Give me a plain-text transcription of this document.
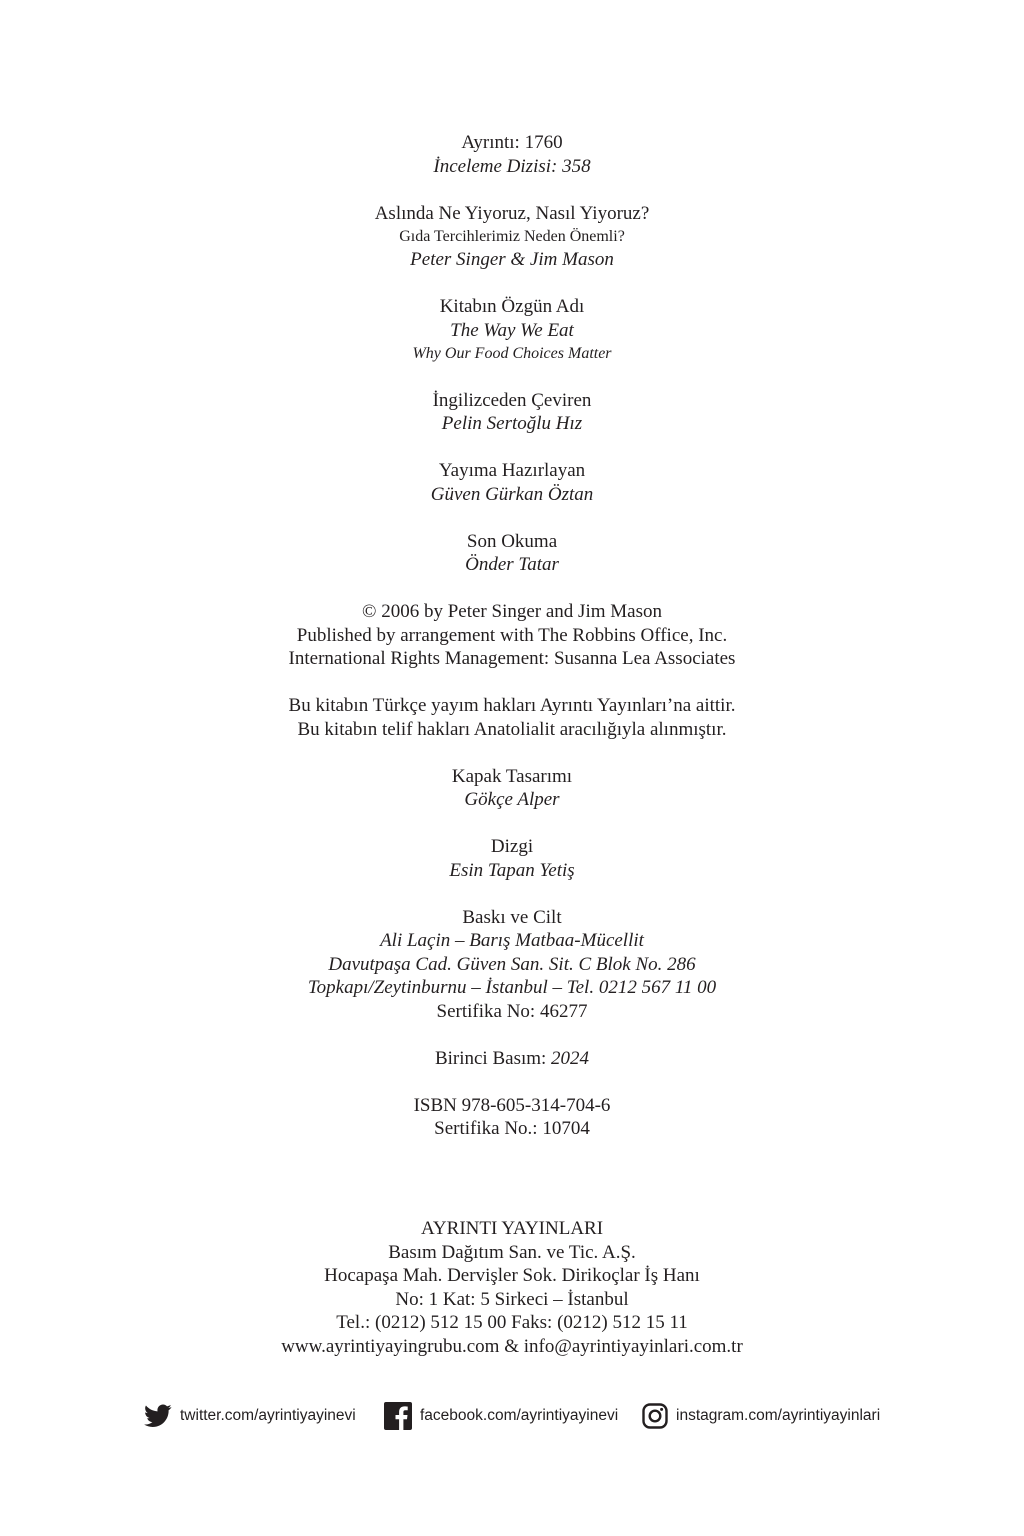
Ayrıntı: 1760
İnceleme Dizisi: 358
Aslında Ne Yiyoruz, Nasıl Yiyoruz?
Gıda Tercihlerimiz Neden Önemli?
Peter Singer & Jim Mason
Kitabın Özgün Adı
The Way We Eat
Why Our Food Choices Matter
İngilizceden Çeviren
Pelin Sertoğlu Hız
Yayıma Hazırlayan
Güven Gürkan Öztan
Son Okuma
Önder Tatar
© 2006 by Peter Singer and Jim Mason
Published by arrangement with The Robbins Office, Inc.
International Rights Management: Susanna Lea Associates
Bu kitabın Türkçe yayım hakları Ayrıntı Yayınları’na aittir.
Bu kitabın telif hakları Anatolialit aracılığıyla alınmıştır.
Kapak Tasarımı
Gökçe Alper
Dizgi
Esin Tapan Yetiş
Baskı ve Cilt
Ali Laçin – Barış Matbaa-Mücellit
Davutpaşa Cad. Güven San. Sit. C Blok No. 286
Topkapı/Zeytinburnu – İstanbul – Tel. 0212 567 11 00
Sertifika No: 46277
Birinci Basım: 2024
ISBN 978-605-314-704-6
Sertifika No.: 10704
AYRINTI YAYINLARI
Basım Dağıtım San. ve Tic. A.Ş.
Hocapaşa Mah. Dervişler Sok. Dirikoçlar İş Hanı
No: 1 Kat: 5 Sirkeci – İstanbul
Tel.: (0212) 512 15 00 Faks: (0212) 512 15 11
www.ayrintiyayingrubu.com & info@ayrintiyayinlari.com.tr
twitter.com/ayrintiyayinevi	facebook.com/ayrintiyayinevi	instagram.com/ayrintiyayinlari
